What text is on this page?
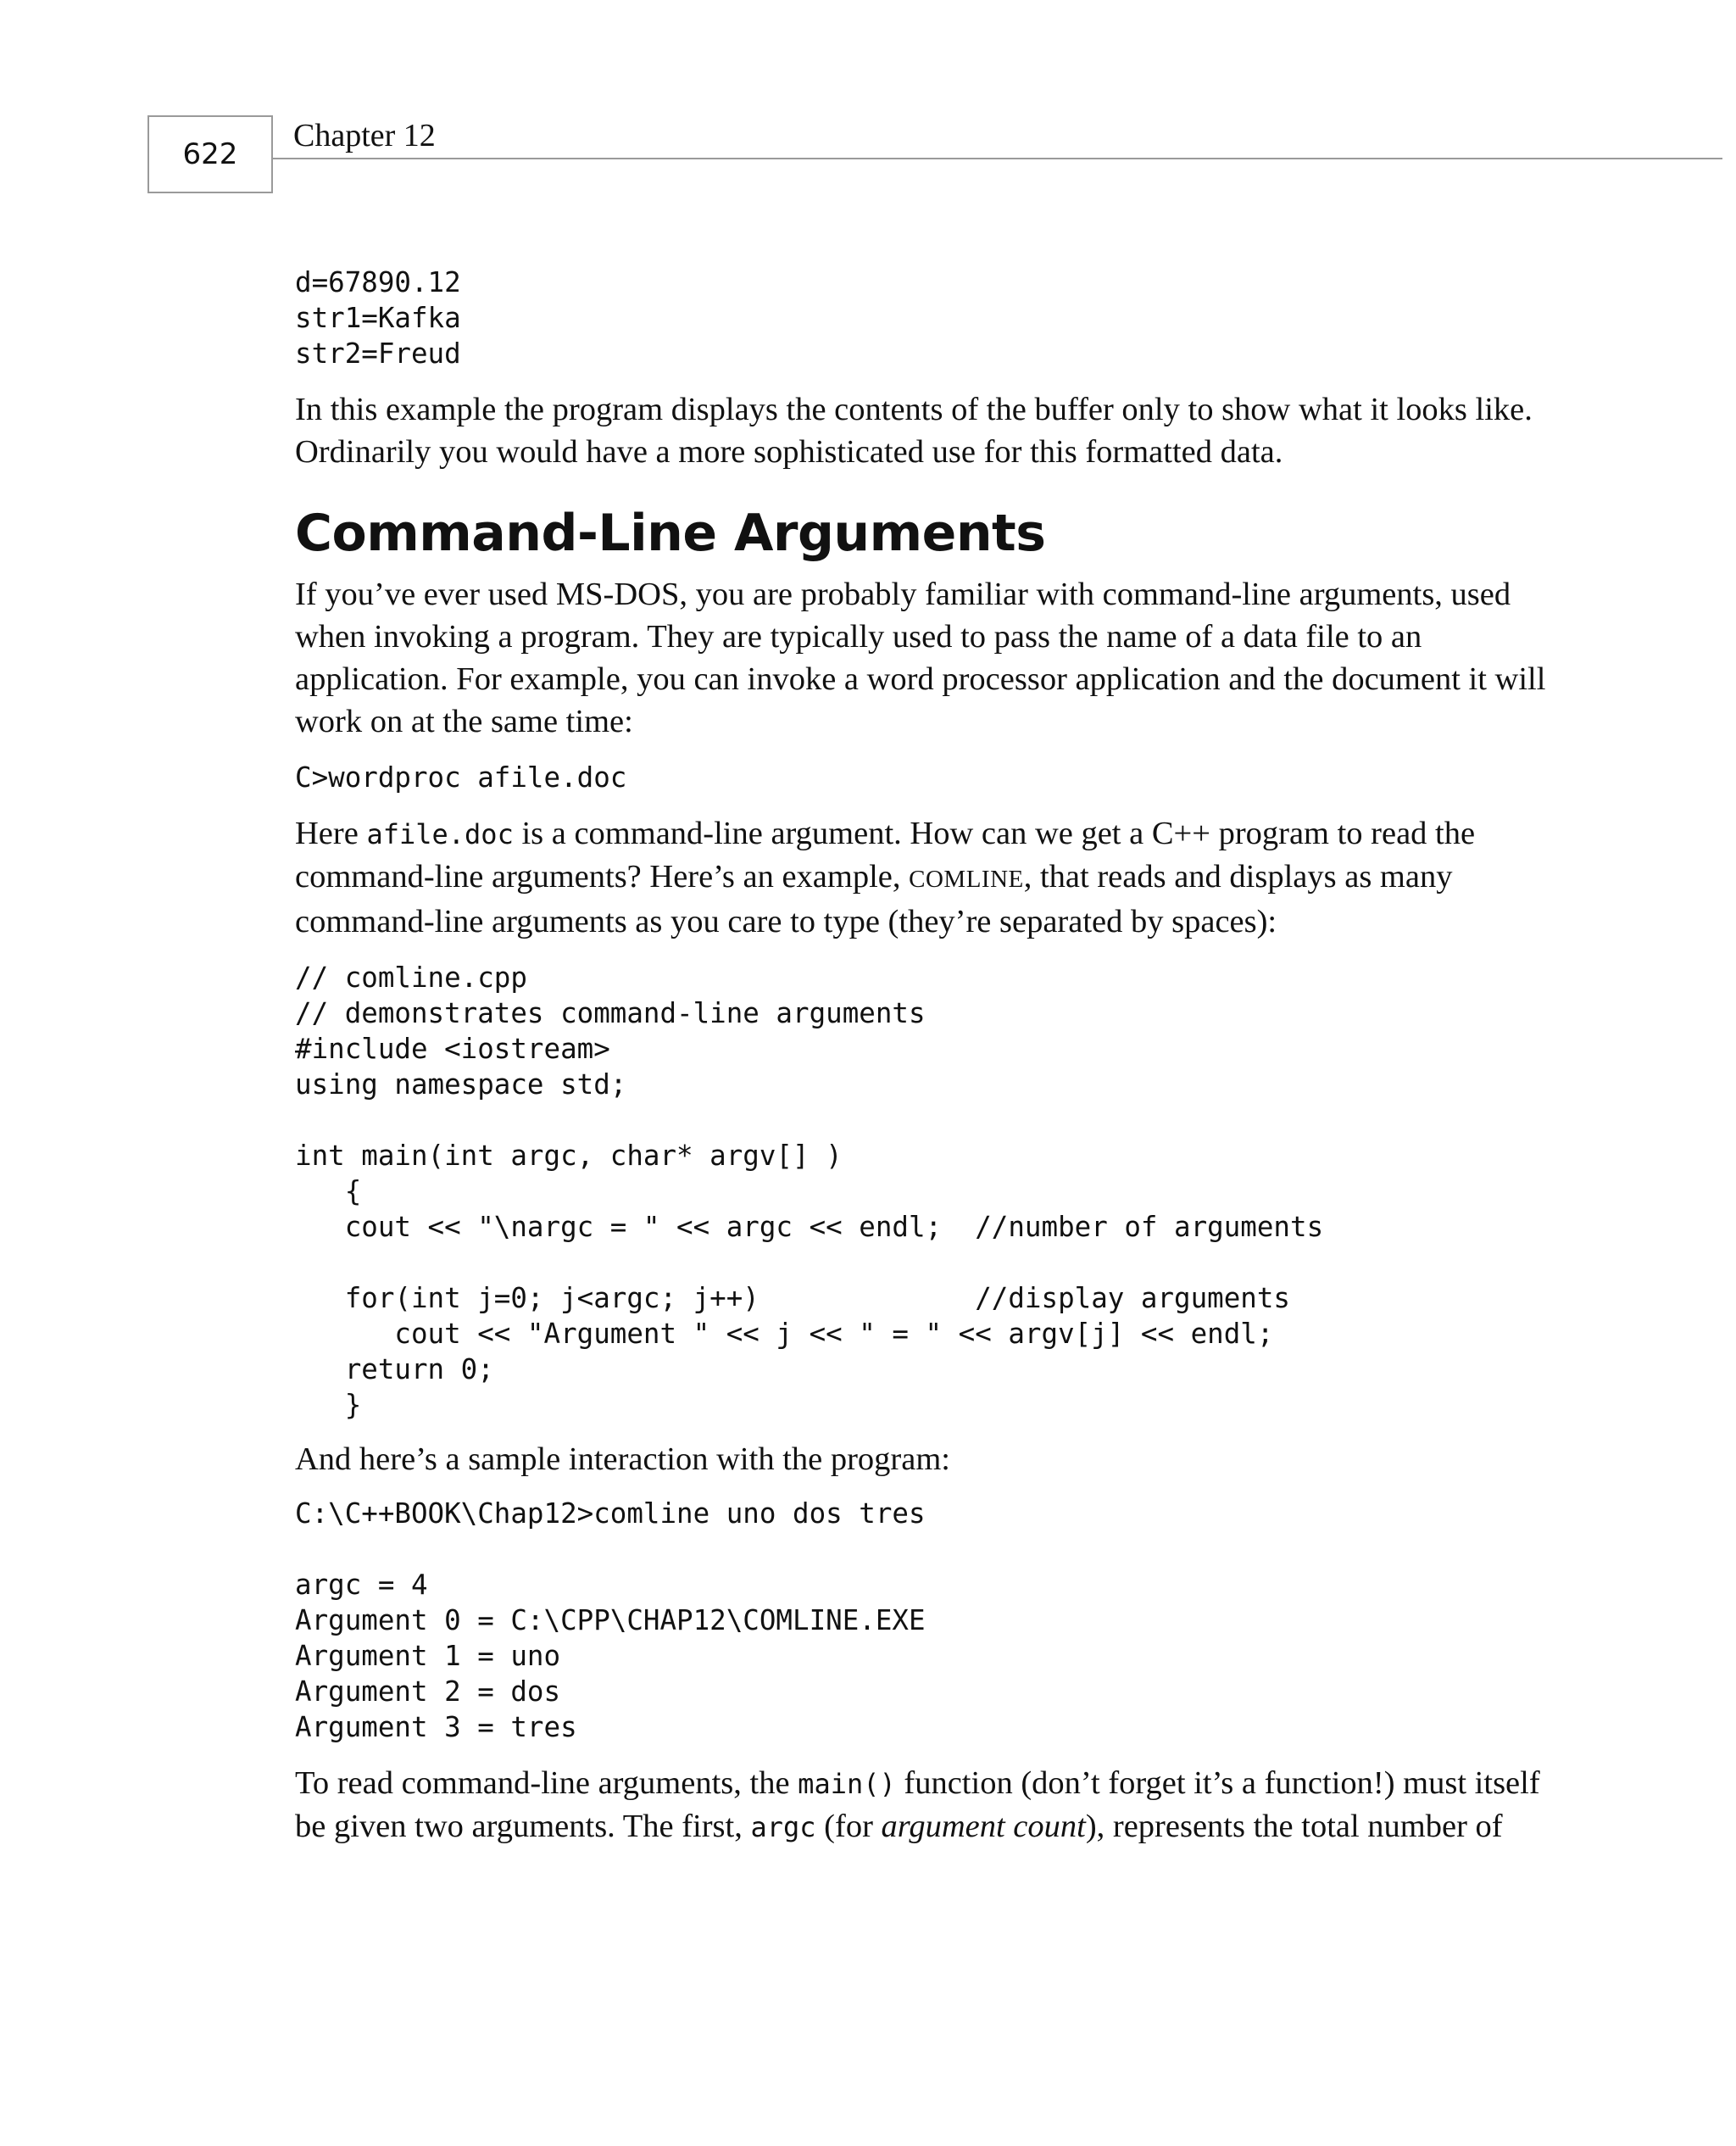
622
Chapter 12
d=67890.12
str1=Kafka
str2=Freud

In this example the program displays the contents of the buffer only to show what it looks like. Ordinarily you would have a more sophisticated use for this formatted data.

Command-Line Arguments

If you’ve ever used MS-DOS, you are probably familiar with command-line arguments, used when invoking a program. They are typically used to pass the name of a data file to an application. For example, you can invoke a word processor application and the document it will work on at the same time:

C>wordproc afile.doc

Here afile.doc is a command-line argument. How can we get a C++ program to read the command-line arguments? Here’s an example, COMLINE, that reads and displays as many command-line arguments as you care to type (they’re separated by spaces):

// comline.cpp
// demonstrates command-line arguments
#include <iostream>
using namespace std;

int main(int argc, char* argv[] )
{
cout << "\nargc = " << argc << endl;  //number of arguments

for(int j=0; j<argc; j++)             //display arguments
cout << "Argument " << j << " = " << argv[j] << endl;
return 0;
}

And here’s a sample interaction with the program:

C:\C++BOOK\Chap12>comline uno dos tres

argc = 4
Argument 0 = C:\CPP\CHAP12\COMLINE.EXE
Argument 1 = uno
Argument 2 = dos
Argument 3 = tres

To read command-line arguments, the main() function (don’t forget it’s a function!) must itself be given two arguments. The first, argc (for argument count), represents the total number of
